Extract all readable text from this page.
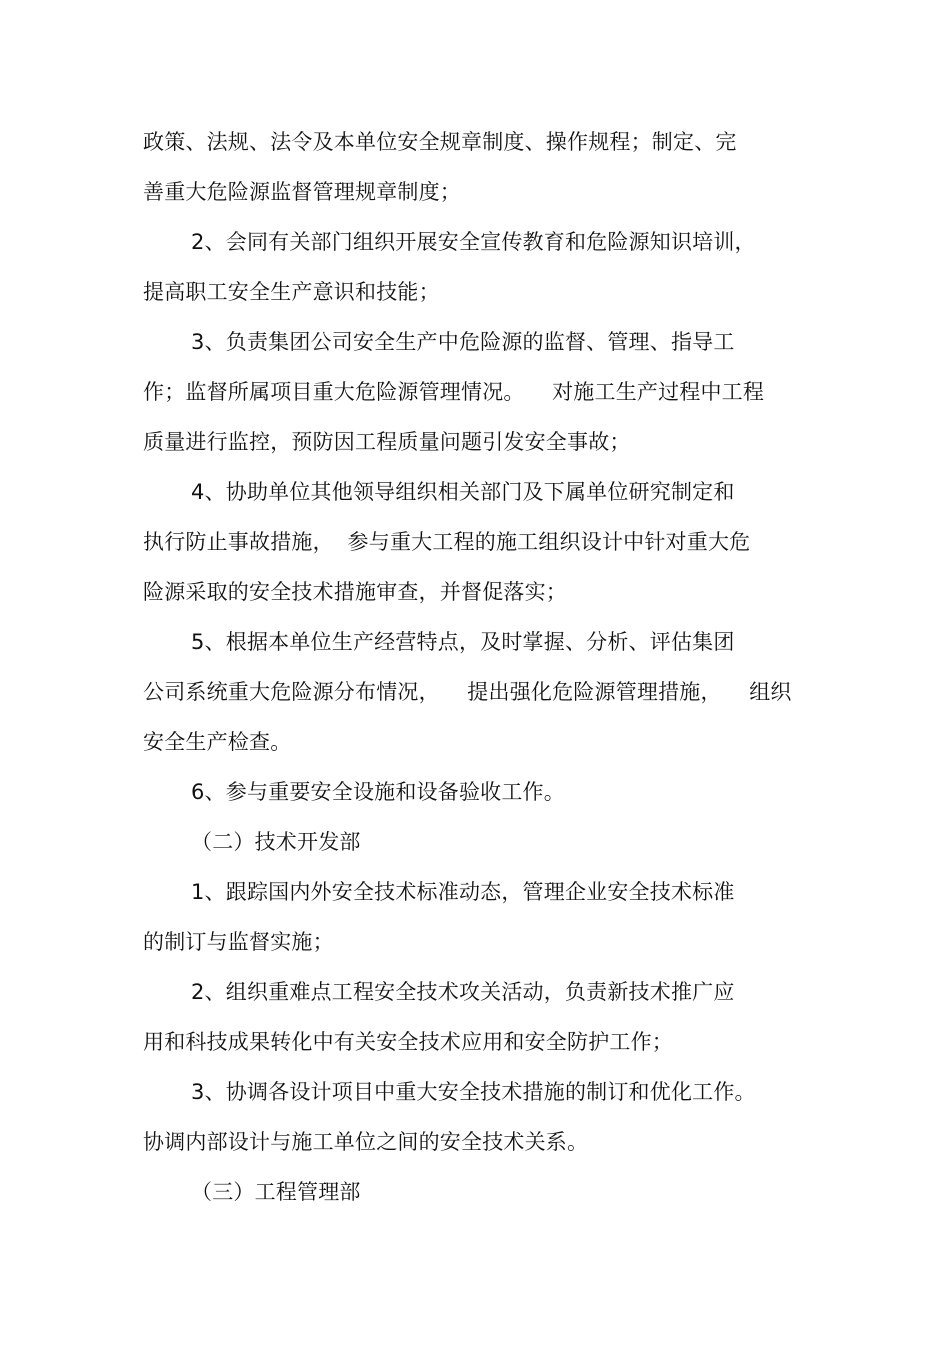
政策、法规、法令及本单位安全规章制度、操作规程；制定、完
善重大危险源监督管理规章制度；
2、会同有关部门组织开展安全宣传教育和危险源知识培训，
提高职工安全生产意识和技能；
3、负责集团公司安全生产中危险源的监督、管理、指导工
作；监督所属项目重大危险源管理情况。    对施工生产过程中工程
质量进行监控，预防因工程质量问题引发安全事故；
4、协助单位其他领导组织相关部门及下属单位研究制定和
执行防止事故措施，  参与重大工程的施工组织设计中针对重大危
险源采取的安全技术措施审查，并督促落实；
5、根据本单位生产经营特点，及时掌握、分析、评估集团
公司系统重大危险源分布情况，    提出强化危险源管理措施，    组织
安全生产检查。
6、参与重要安全设施和设备验收工作。
（二）技术开发部
1、跟踪国内外安全技术标准动态，管理企业安全技术标准
的制订与监督实施；
2、组织重难点工程安全技术攻关活动，负责新技术推广应
用和科技成果转化中有关安全技术应用和安全防护工作；
3、协调各设计项目中重大安全技术措施的制订和优化工作。
协调内部设计与施工单位之间的安全技术关系。
（三）工程管理部
